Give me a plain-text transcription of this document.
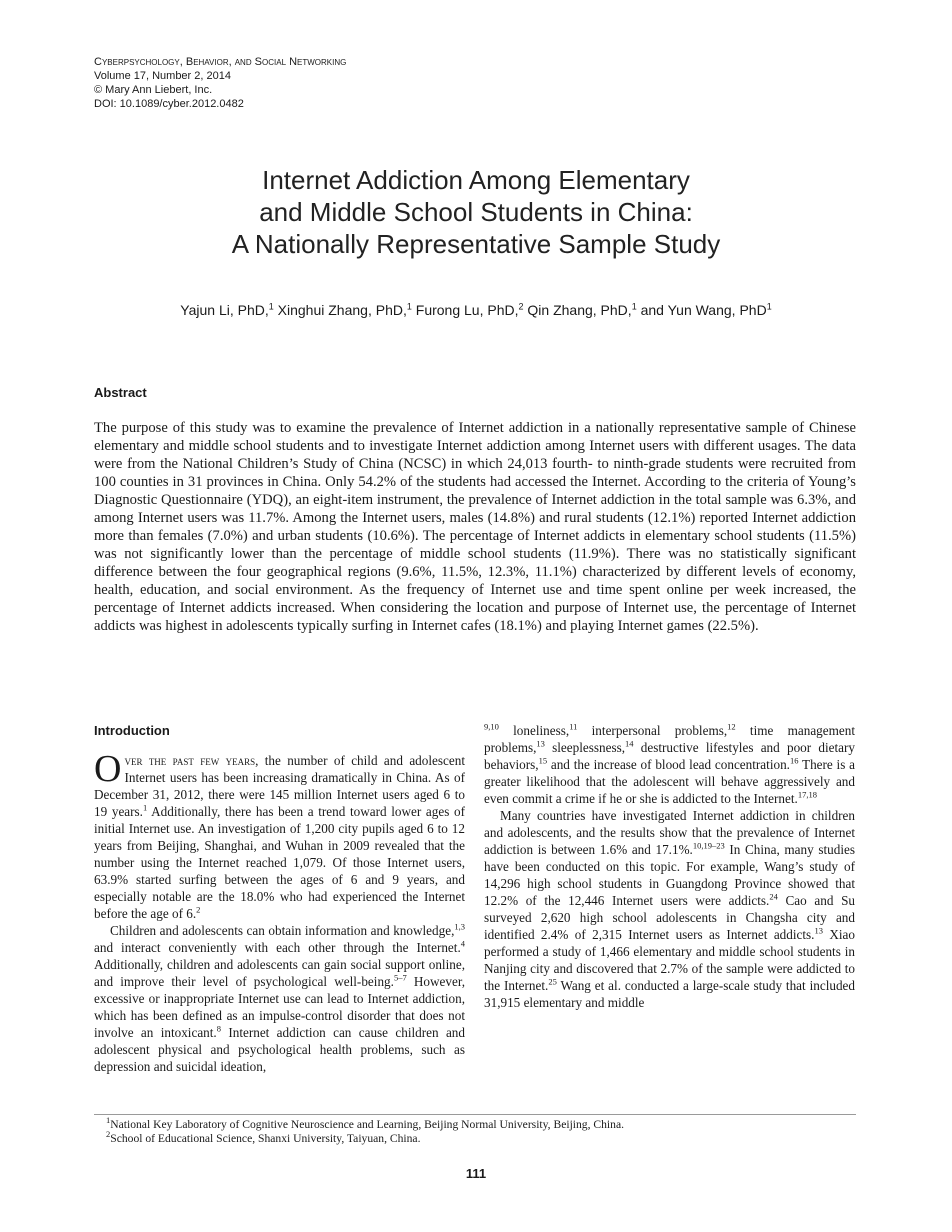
Cyberpsychology, Behavior, and Social Networking
Volume 17, Number 2, 2014
© Mary Ann Liebert, Inc.
DOI: 10.1089/cyber.2012.0482
Internet Addiction Among Elementary
and Middle School Students in China:
A Nationally Representative Sample Study
Yajun Li, PhD,$^1$ Xinghui Zhang, PhD,$^1$ Furong Lu, PhD,$^2$ Qin Zhang, PhD,$^1$ and Yun Wang, PhD$^1$
Abstract
The purpose of this study was to examine the prevalence of Internet addiction in a nationally representative sample of Chinese elementary and middle school students and to investigate Internet addiction among Internet users with different usages. The data were from the National Children’s Study of China (NCSC) in which 24,013 fourth- to ninth-grade students were recruited from 100 counties in 31 provinces in China. Only 54.2% of the students had accessed the Internet. According to the criteria of Young’s Diagnostic Questionnaire (YDQ), an eight-item instrument, the prevalence of Internet addiction in the total sample was 6.3%, and among Internet users was 11.7%. Among the Internet users, males (14.8%) and rural students (12.1%) reported Internet addiction more than females (7.0%) and urban students (10.6%). The percentage of Internet addicts in elementary school students (11.5%) was not significantly lower than the percentage of middle school students (11.9%). There was no statistically significant difference between the four geographical regions (9.6%, 11.5%, 12.3%, 11.1%) characterized by different levels of economy, health, education, and social environment. As the frequency of Internet use and time spent online per week increased, the percentage of Internet addicts increased. When considering the location and purpose of Internet use, the percentage of Internet addicts was highest in adolescents typically surfing in Internet cafes (18.1%) and playing Internet games (22.5%).
Introduction

Over the past few years, the number of child and adolescent Internet users has been increasing dramatically in China. As of December 31, 2012, there were 145 million Internet users aged 6 to 19 years.$^1$ Additionally, there has been a trend toward lower ages of initial Internet use. An investigation of 1,200 city pupils aged 6 to 12 years from Beijing, Shanghai, and Wuhan in 2009 revealed that the number using the Internet reached 1,079. Of those Internet users, 63.9% started surfing between the ages of 6 and 9 years, and especially notable are the 18.0% who had experienced the Internet before the age of 6.$^2$

Children and adolescents can obtain information and knowledge,$^{1,3}$ and interact conveniently with each other through the Internet.$^4$ Additionally, children and adolescents can gain social support online, and improve their level of psychological well-being.$^{5-7}$ However, excessive or inappropriate Internet use can lead to Internet addiction, which has been defined as an impulse-control disorder that does not involve an intoxicant.$^8$ Internet addiction can cause children and adolescent physical and psychological health problems, such as depression and suicidal ideation,

$^{9,10}$ loneliness,$^{11}$ interpersonal problems,$^{12}$ time management problems,$^{13}$ sleeplessness,$^{14}$ destructive lifestyles and poor dietary behaviors,$^{15}$ and the increase of blood lead concentration.$^{16}$ There is a greater likelihood that the adolescent will behave aggressively and even commit a crime if he or she is addicted to the Internet.$^{17,18}$

Many countries have investigated Internet addiction in children and adolescents, and the results show that the prevalence of Internet addiction is between 1.6% and 17.1%.$^{10,19-23}$ In China, many studies have been conducted on this topic. For example, Wang’s study of 14,296 high school students in Guangdong Province showed that 12.2% of the 12,446 Internet users were addicts.$^{24}$ Cao and Su surveyed 2,620 high school adolescents in Changsha city and identified 2.4% of 2,315 Internet users as Internet addicts.$^{13}$ Xiao performed a study of 1,466 elementary and middle school students in Nanjing city and discovered that 2.7% of the sample were addicted to the Internet.$^{25}$ Wang et al. conducted a large-scale study that included 31,915 elementary and middle

$^1$National Key Laboratory of Cognitive Neuroscience and Learning, Beijing Normal University, Beijing, China.
$^2$School of Educational Science, Shanxi University, Taiyuan, China.
111
